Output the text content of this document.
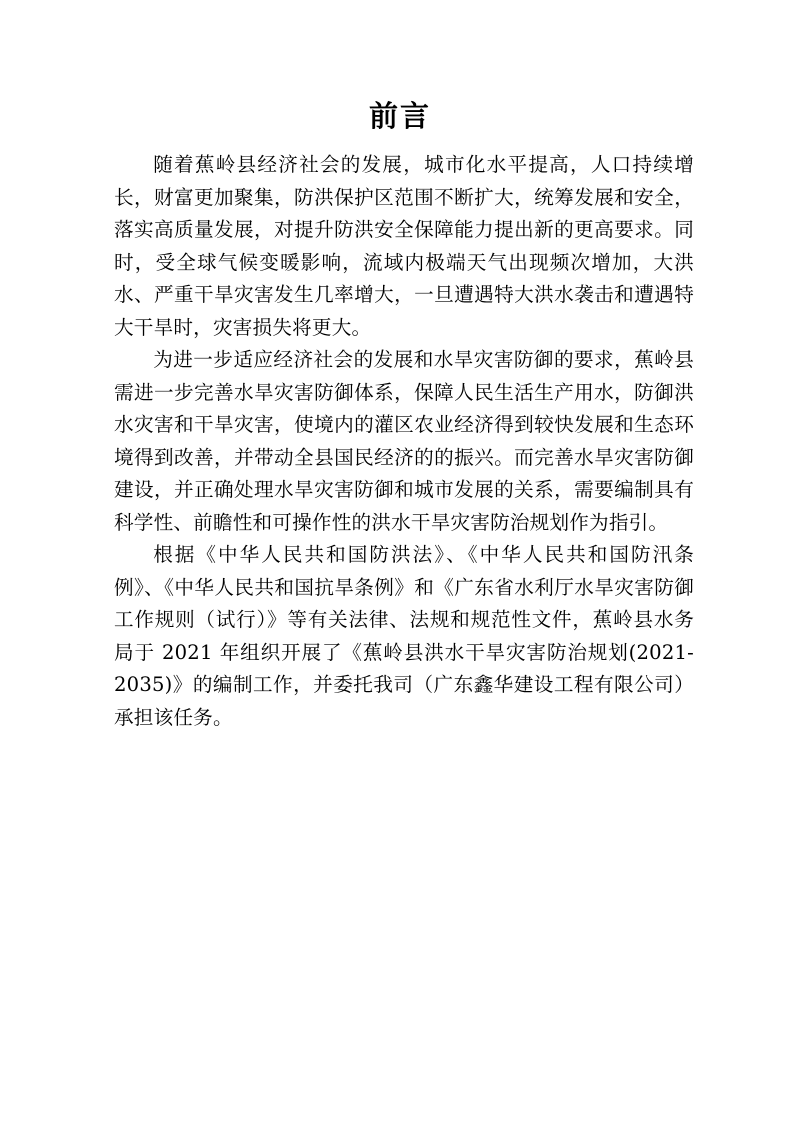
前言

随着蕉岭县经济社会的发展，城市化水平提高，人口持续增长，财富更加聚集，防洪保护区范围不断扩大，统筹发展和安全，落实高质量发展，对提升防洪安全保障能力提出新的更高要求。同时，受全球气候变暖影响，流域内极端天气出现频次增加，大洪水、严重干旱灾害发生几率增大，一旦遭遇特大洪水袭击和遭遇特大干旱时，灾害损失将更大。

为进一步适应经济社会的发展和水旱灾害防御的要求，蕉岭县需进一步完善水旱灾害防御体系，保障人民生活生产用水，防御洪水灾害和干旱灾害，使境内的灌区农业经济得到较快发展和生态环境得到改善，并带动全县国民经济的的振兴。而完善水旱灾害防御建设，并正确处理水旱灾害防御和城市发展的关系，需要编制具有科学性、前瞻性和可操作性的洪水干旱灾害防治规划作为指引。

根据《中华人民共和国防洪法》、《中华人民共和国防汛条例》、《中华人民共和国抗旱条例》和《广东省水利厅水旱灾害防御工作规则（试行）》等有关法律、法规和规范性文件，蕉岭县水务局于 2021 年组织开展了《蕉岭县洪水干旱灾害防治规划(2021-2035)》的编制工作，并委托我司（广东鑫华建设工程有限公司）承担该任务。
